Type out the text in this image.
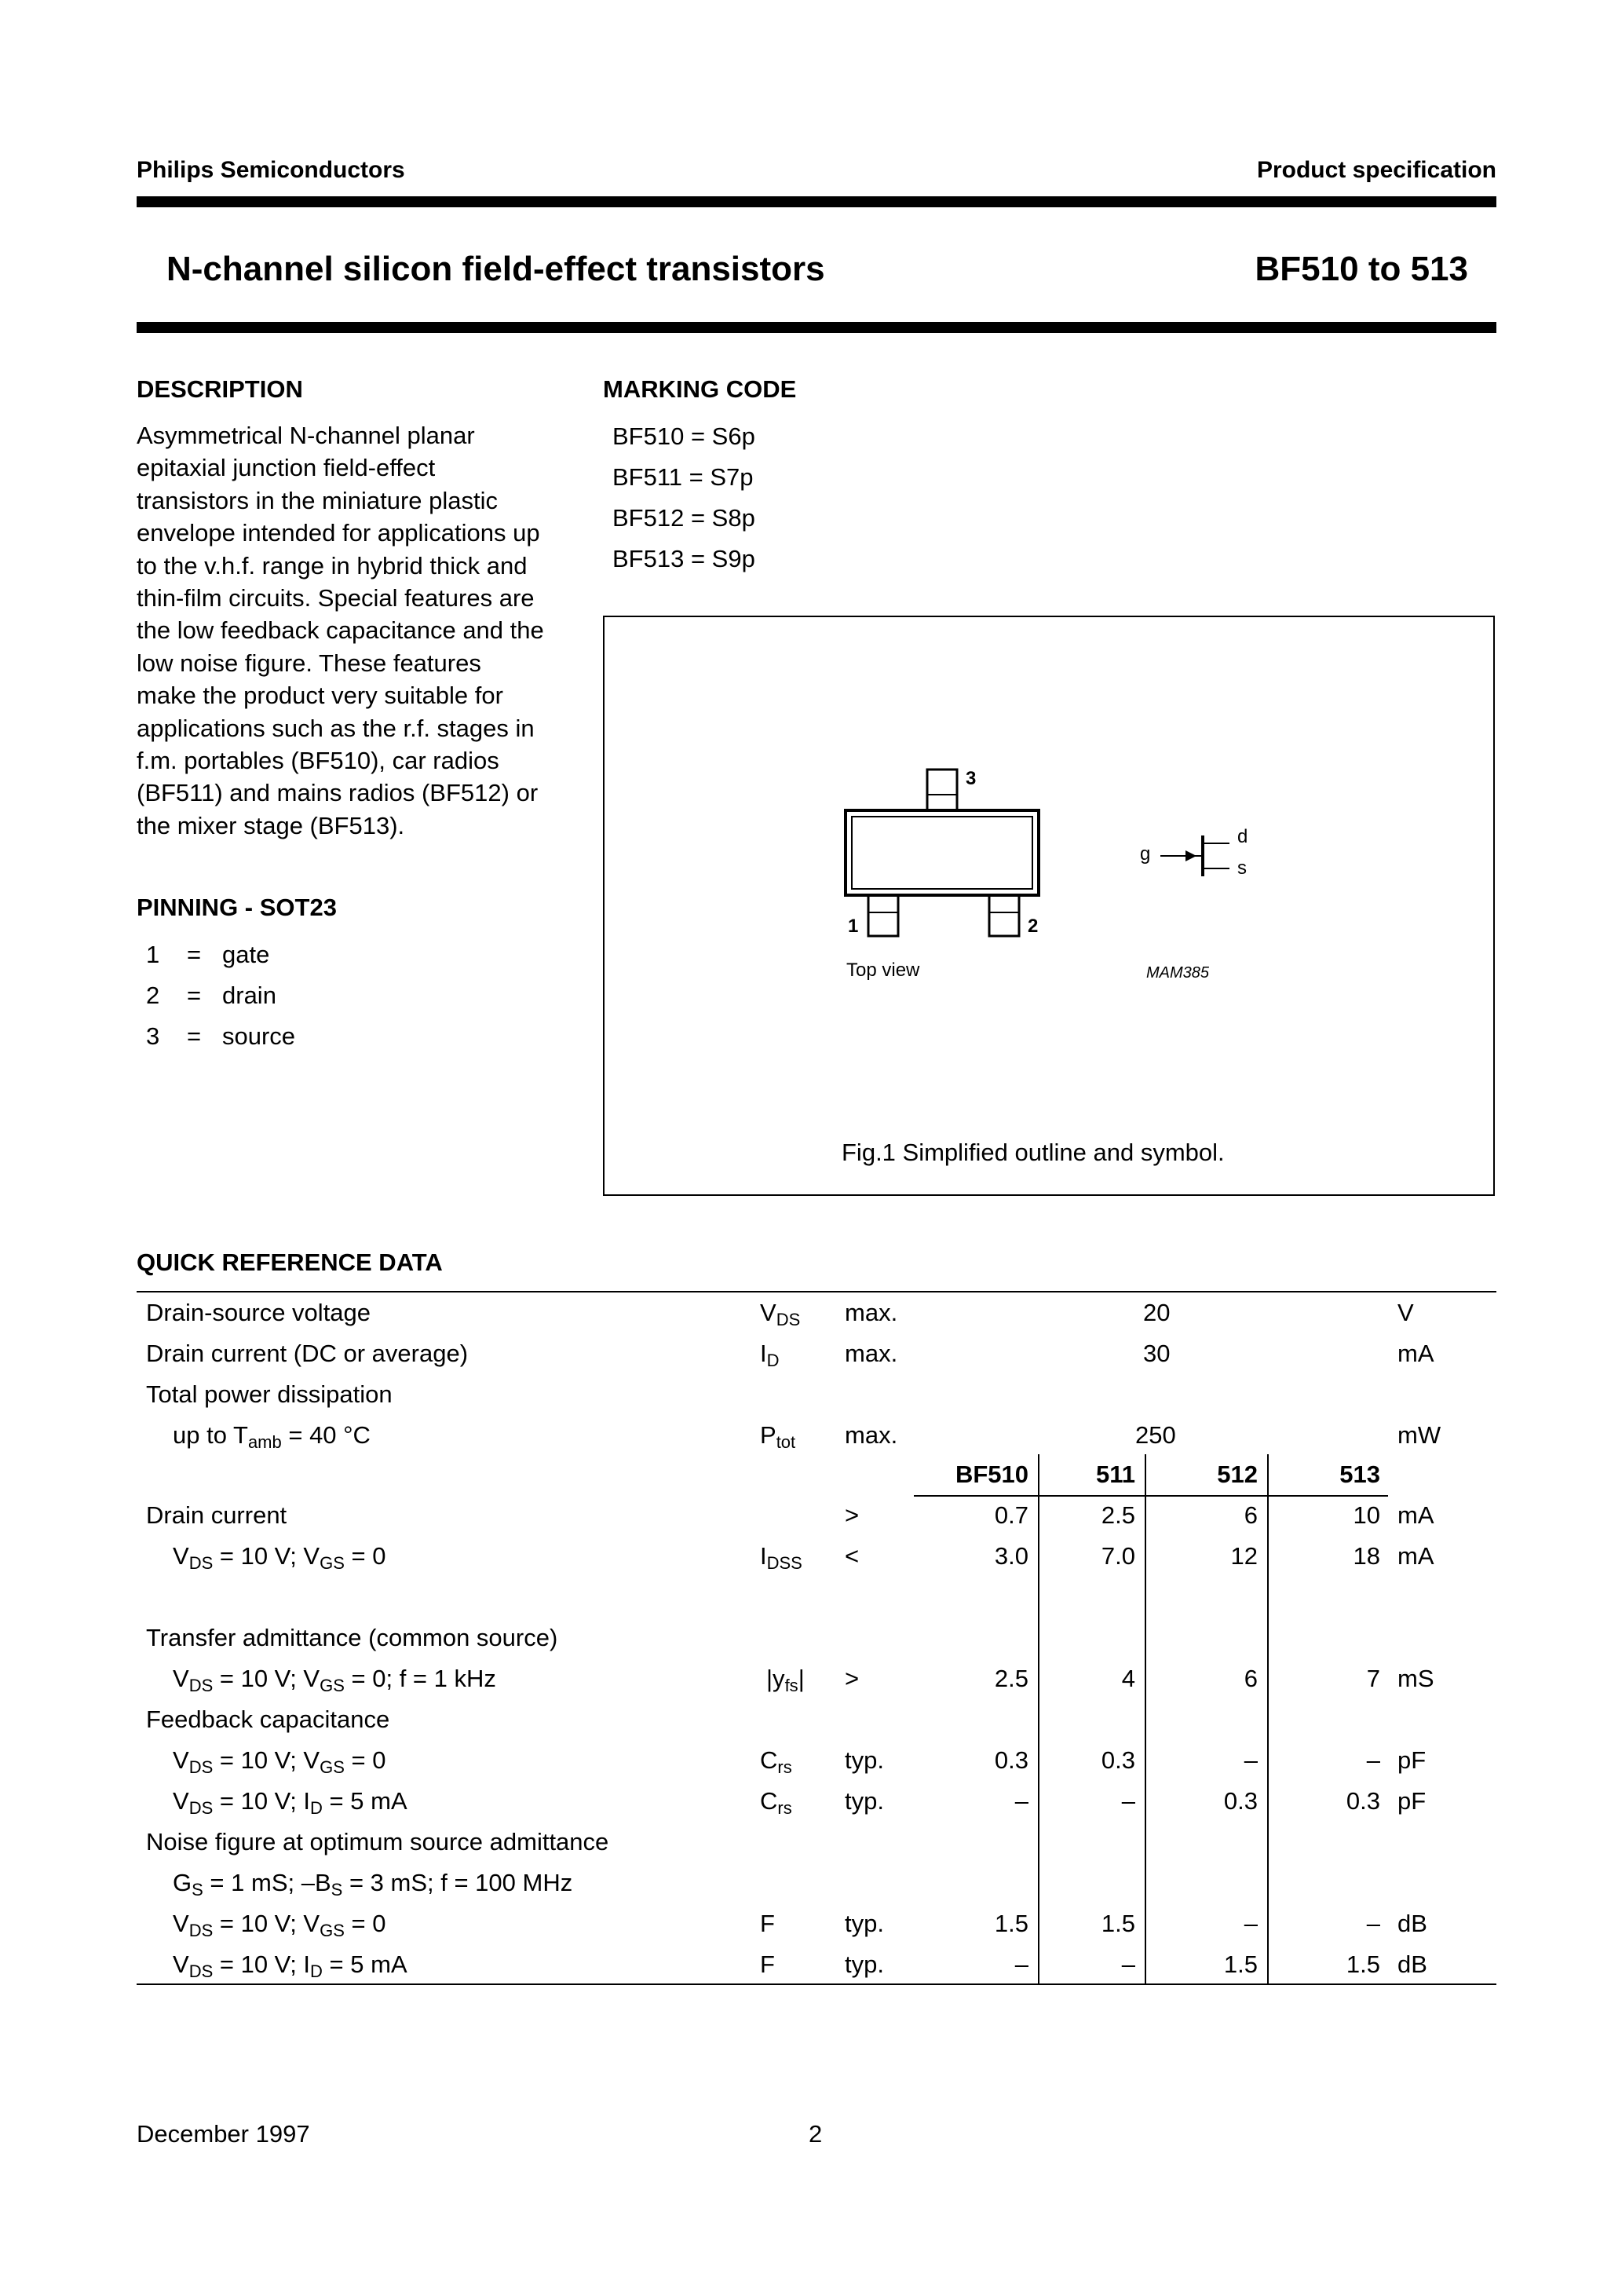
Philips Semiconductors	Product specification
N-channel silicon field-effect transistors	BF510 to 513
DESCRIPTION
Asymmetrical N-channel planar
epitaxial junction field-effect
transistors in the miniature plastic
envelope intended for applications up
to the v.h.f. range in hybrid thick and
thin-film circuits. Special features are
the low feedback capacitance and the
low noise figure. These features
make the product very suitable for
applications such as the r.f. stages in
f.m. portables (BF510), car radios
(BF511) and mains radios (BF512) or
the mixer stage (BF513).
PINNING - SOT23
1 = gate
2 = drain
3 = source
MARKING CODE
BF510 = S6p
BF511 = S7p
BF512 = S8p
BF513 = S9p
3
1	2
Top view
g
d
s
MAM385
Fig.1 Simplified outline and symbol.
QUICK REFERENCE DATA
Drain-source voltage	$V_{DS}$ max.	20	V
Drain current (DC or average)	$I_D$	max.	30	mA
Total power dissipation
up to $T_{amb} = 40$ °C	$P_{tot}$ max.	250	mW
BF510	511	512	513
Drain current	>	0.7	2.5	6	10 mA
$V_{DS} = 10$ V; $V_{GS} = 0$	$I_{DSS}$ <	3.0	7.0	12	18 mA
Transfer admittance (common source)
$V_{DS} = 10$ V; $V_{GS} = 0$; f = 1 kHz	$|y_{fs}|$ >	2.5	4	6	7 mS
Feedback capacitance
$V_{DS} = 10$ V; $V_{GS} = 0$	$C_{rs}$ typ.	0.3	0.3	–	– pF
$V_{DS} = 10$ V; $I_D = 5$ mA	$C_{rs}$ typ.	–	–	0.3	0.3 pF
Noise figure at optimum source admittance
$G_S = 1$ mS; $-B_S = 3$ mS; f = 100 MHz
$V_{DS} = 10$ V; $V_{GS} = 0$	F	typ.	1.5	1.5	–	– dB
$V_{DS} = 10$ V; $I_D = 5$ mA	F	typ.	–	–	1.5	1.5 dB
December 1997	2
